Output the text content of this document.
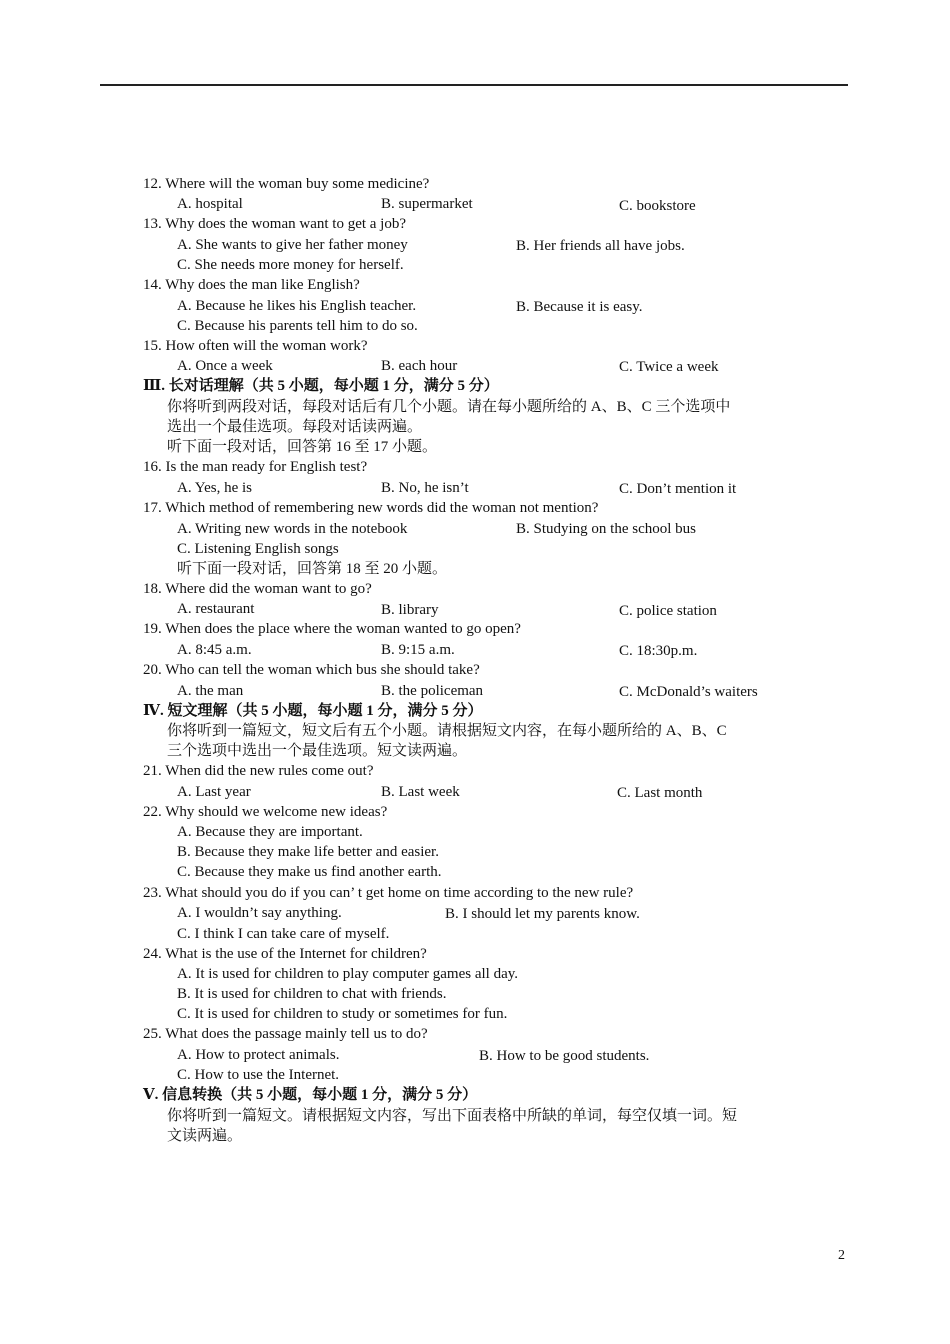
12. Where will the woman buy some medicine?
A. hospital	B. supermarket	C. bookstore
13. Why does the woman want to get a job?
A. She wants to give her father money	B. Her friends all have jobs.
C. She needs more money for herself.
14. Why does the man like English?
A. Because he likes his English teacher.	B. Because it is easy.
C. Because his parents tell him to do so.
15. How often will the woman work?
A. Once a week	B. each hour	C. Twice a week
Ⅲ. 长对话理解（共 5 小题，每小题 1 分，满分 5 分）
你将听到两段对话，每段对话后有几个小题。请在每小题所给的 A、B、C 三个选项中
选出一个最佳选项。每段对话读两遍。
听下面一段对话，回答第 16 至 17 小题。
16. Is the man ready for English test?
A. Yes, he is	B. No, he isn’t	C. Don’t mention it
17. Which method of remembering new words did the woman not mention?
A. Writing new words in the notebook	B. Studying on the school bus
C. Listening English songs
听下面一段对话，回答第 18 至 20 小题。
18. Where did the woman want to go?
A. restaurant	B. library	C. police station
19. When does the place where the woman wanted to go open?
A. 8:45 a.m.	B. 9:15 a.m.	C. 18:30p.m.
20. Who can tell the woman which bus she should take?
A. the man	B. the policeman	C. McDonald’s waiters
Ⅳ. 短文理解（共 5 小题，每小题 1 分，满分 5 分）
你将听到一篇短文，短文后有五个小题。请根据短文内容，在每小题所给的 A、B、C
三个选项中选出一个最佳选项。短文读两遍。
21. When did the new rules come out?
A. Last year	B. Last week	C. Last month
22. Why should we welcome new ideas?
A. Because they are important.
B. Because they make life better and easier.
C. Because they make us find another earth.
23. What should you do if you can’ t get home on time according to the new rule?
A. I wouldn’t say anything.	B. I should let my parents know.
C. I think I can take care of myself.
24. What is the use of the Internet for children?
A. It is used for children to play computer games all day.
B. It is used for children to chat with friends.
C. It is used for children to study or sometimes for fun.
25. What does the passage mainly tell us to do?
A. How to protect animals.	B. How to be good students.
C. How to use the Internet.
Ⅴ. 信息转换（共 5 小题，每小题 1 分，满分 5 分）
你将听到一篇短文。请根据短文内容，写出下面表格中所缺的单词，每空仅填一词。短
文读两遍。
2
